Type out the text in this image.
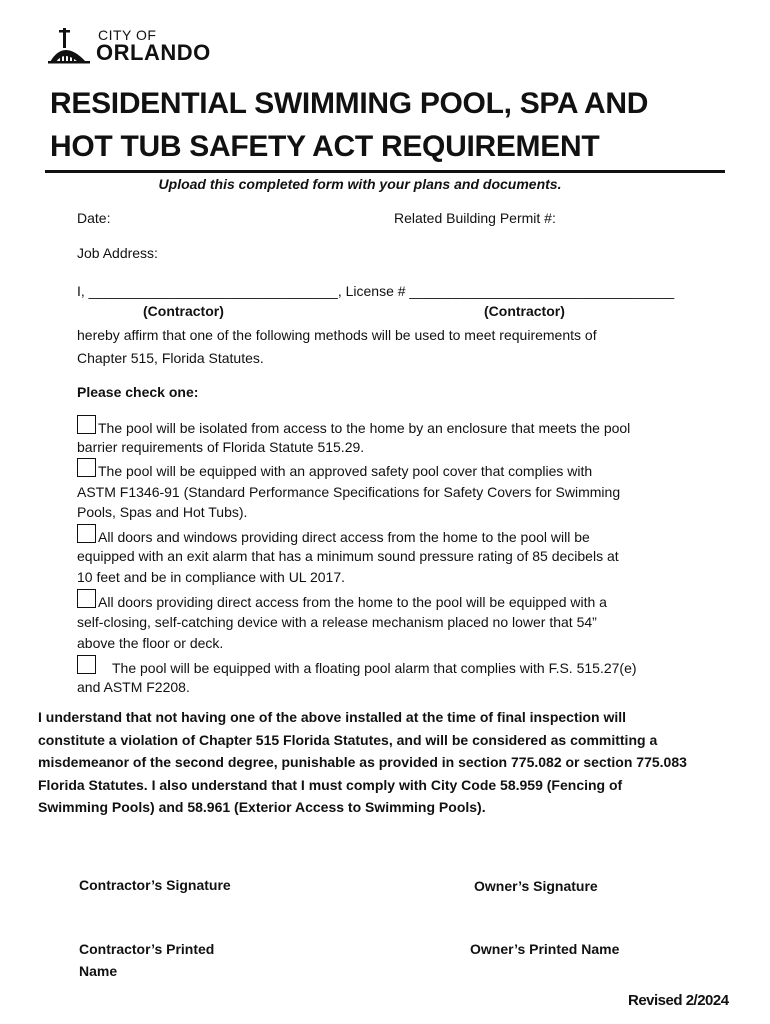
CITY OF
ORLANDO
RESIDENTIAL SWIMMING POOL, SPA AND
HOT TUB SAFETY ACT REQUIREMENT
Upload this completed form with your plans and documents.
Date:	Related Building Permit #:
Job Address:
I, ________________________________, License # __________________________________
(Contractor)	(Contractor)
hereby affirm that one of the following methods will be used to meet requirements of
Chapter 515, Florida Statutes.
Please check one:
The pool will be isolated from access to the home by an enclosure that meets the pool
barrier requirements of Florida Statute 515.29.
The pool will be equipped with an approved safety pool cover that complies with
ASTM F1346-91 (Standard Performance Specifications for Safety Covers for Swimming
Pools, Spas and Hot Tubs).
All doors and windows providing direct access from the home to the pool will be
equipped with an exit alarm that has a minimum sound pressure rating of 85 decibels at
10 feet and be in compliance with UL 2017.
All doors providing direct access from the home to the pool will be equipped with a
self-closing, self-catching device with a release mechanism placed no lower that 54”
above the floor or deck.
The pool will be equipped with a floating pool alarm that complies with F.S. 515.27(e)
and ASTM F2208.
I understand that not having one of the above installed at the time of final inspection will
constitute a violation of Chapter 515 Florida Statutes, and will be considered as committing a
misdemeanor of the second degree, punishable as provided in section 775.082 or section 775.083
Florida Statutes. I also understand that I must comply with City Code 58.959 (Fencing of
Swimming Pools) and 58.961 (Exterior Access to Swimming Pools).
Contractor’s Signature	Owner’s Signature
Contractor’s Printed
Name
Owner’s Printed Name
Revised 2/2024
